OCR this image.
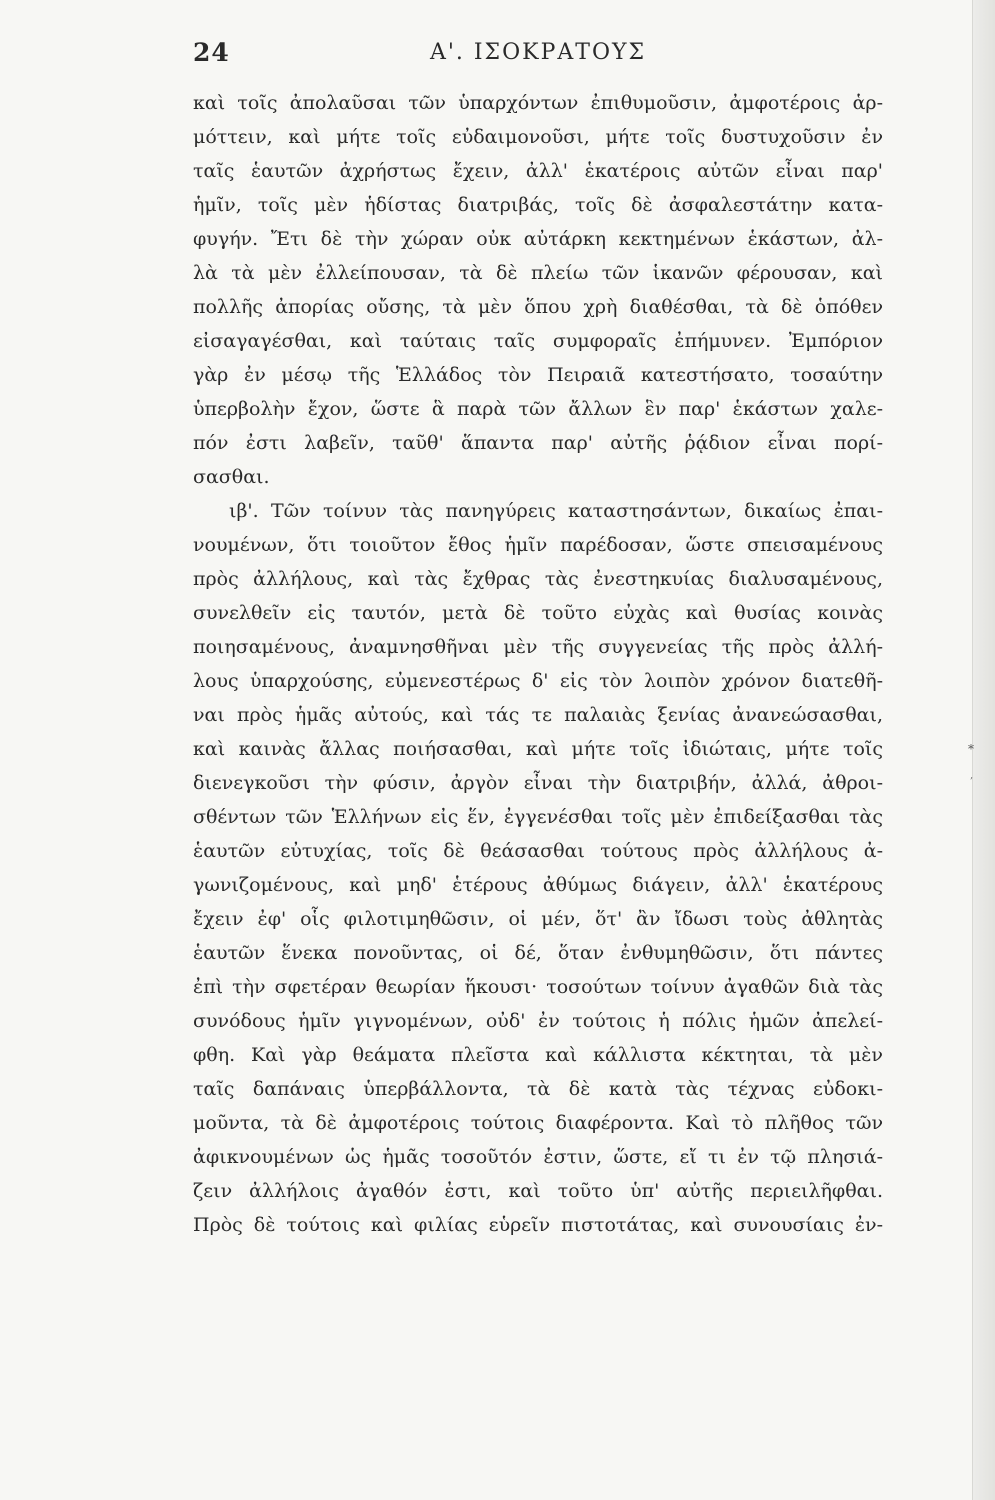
24	Α'. ΙΣΟΚΡΑΤΟΥΣ
καὶ τοῖς ἀπολαῦσαι τῶν ὑπαρχόντων ἐπιθυμοῦσιν, ἀμφοτέροις ἁρ-
μόττειν, καὶ μήτε τοῖς εὐδαιμονοῦσι, μήτε τοῖς δυστυχοῦσιν ἐν
ταῖς ἑαυτῶν ἀχρήστως ἔχειν, ἀλλ' ἑκατέροις αὐτῶν εἶναι παρ'
ἡμῖν, τοῖς μὲν ἡδίστας διατριβάς, τοῖς δὲ ἀσφαλεστάτην κατα-
φυγήν. Ἔτι δὲ τὴν χώραν οὐκ αὐτάρκη κεκτημένων ἑκάστων, ἀλ-
λὰ τὰ μὲν ἐλλείπουσαν, τὰ δὲ πλείω τῶν ἱκανῶν φέρουσαν, καὶ
πολλῆς ἀπορίας οὔσης, τὰ μὲν ὅπου χρὴ διαθέσθαι, τὰ δὲ ὁπόθεν
εἰσαγαγέσθαι, καὶ ταύταις ταῖς συμφοραῖς ἐπήμυνεν. Ἐμπόριον
γὰρ ἐν μέσῳ τῆς Ἑλλάδος τὸν Πειραιᾶ κατεστήσατο, τοσαύτην
ὑπερβολὴν ἔχον, ὥστε ἃ παρὰ τῶν ἄλλων ἓν παρ' ἑκάστων χαλε-
πόν ἐστι λαβεῖν, ταῦθ' ἅπαντα παρ' αὐτῆς ῥᾴδιον εἶναι πορί-
σασθαι.
ιβ'. Τῶν τοίνυν τὰς πανηγύρεις καταστησάντων, δικαίως ἐπαι-
νουμένων, ὅτι τοιοῦτον ἔθος ἡμῖν παρέδοσαν, ὥστε σπεισαμένους
πρὸς ἀλλήλους, καὶ τὰς ἔχθρας τὰς ἐνεστηκυίας διαλυσαμένους,
συνελθεῖν εἰς ταυτόν, μετὰ δὲ τοῦτο εὐχὰς καὶ θυσίας κοινὰς
ποιησαμένους, ἀναμνησθῆναι μὲν τῆς συγγενείας τῆς πρὸς ἀλλή-
λους ὑπαρχούσης, εὐμενεστέρως δ' εἰς τὸν λοιπὸν χρόνον διατεθῆ-
ναι πρὸς ἡμᾶς αὐτούς, καὶ τάς τε παλαιὰς ξενίας ἀνανεώσασθαι,
καὶ καινὰς ἄλλας ποιήσασθαι, καὶ μήτε τοῖς ἰδιώταις, μήτε τοῖς
διενεγκοῦσι τὴν φύσιν, ἀργὸν εἶναι τὴν διατριβήν, ἀλλά, ἀθροι-
σθέντων τῶν Ἑλλήνων εἰς ἕν, ἐγγενέσθαι τοῖς μὲν ἐπιδείξασθαι τὰς
ἑαυτῶν εὐτυχίας, τοῖς δὲ θεάσασθαι τούτους πρὸς ἀλλήλους ἀ-
γωνιζομένους, καὶ μηδ' ἑτέρους ἀθύμως διάγειν, ἀλλ' ἑκατέρους
ἔχειν ἐφ' οἷς φιλοτιμηθῶσιν, οἱ μέν, ὅτ' ἂν ἴδωσι τοὺς ἀθλητὰς
ἑαυτῶν ἕνεκα πονοῦντας, οἱ δέ, ὅταν ἐνθυμηθῶσιν, ὅτι πάντες
ἐπὶ τὴν σφετέραν θεωρίαν ἥκουσι· τοσούτων τοίνυν ἀγαθῶν διὰ τὰς
συνόδους ἡμῖν γιγνομένων, οὐδ' ἐν τούτοις ἡ πόλις ἡμῶν ἀπελεί-
φθη. Καὶ γὰρ θεάματα πλεῖστα καὶ κάλλιστα κέκτηται, τὰ μὲν
ταῖς δαπάναις ὑπερβάλλοντα, τὰ δὲ κατὰ τὰς τέχνας εὐδοκι-
μοῦντα, τὰ δὲ ἀμφοτέροις τούτοις διαφέροντα. Καὶ τὸ πλῆθος τῶν
ἀφικνουμένων ὡς ἡμᾶς τοσοῦτόν ἐστιν, ὥστε, εἴ τι ἐν τῷ πλησιά-
ζειν ἀλλήλοις ἀγαθόν ἐστι, καὶ τοῦτο ὑπ' αὐτῆς περιειλῆφθαι.
Πρὸς δὲ τούτοις καὶ φιλίας εὑρεῖν πιστοτάτας, καὶ συνουσίαις ἐν-
*
,
